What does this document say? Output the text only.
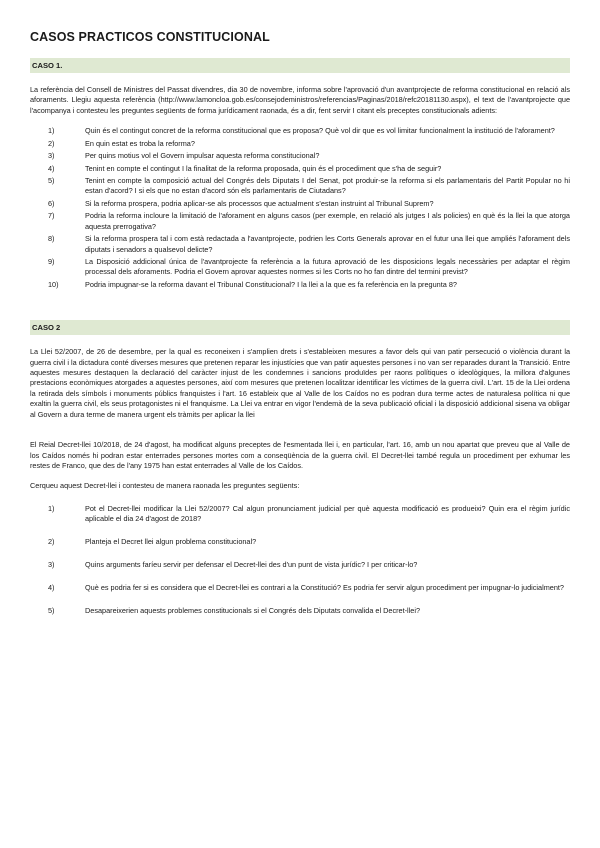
CASOS PRACTICOS CONSTITUCIONAL
CASO 1.

La referència del Consell de Ministres del Passat divendres, dia 30 de novembre, informa sobre l'aprovació d'un avantprojecte de reforma constitucional en relació als aforaments. Llegiu aquesta referència (http://www.lamoncloa.gob.es/consejodeministros/referencias/Paginas/2018/refc20181130.aspx), el text de l'avantprojecte que l'acompanya i contesteu les preguntes següents de forma jurídicament raonada, és a dir, fent servir I citant els preceptes constitucionals adients:

1)	Quin és el contingut concret de la reforma constitucional que es proposa? Què vol dir que es vol limitar funcionalment la institució de l'aforament?
2)	En quin estat es troba la reforma?
3)	Per quins motius vol el Govern impulsar aquesta reforma constitucional?
4)	Tenint en compte el contingut I la finalitat de la reforma proposada, quin és el procediment que s'ha de seguir?
5)	Tenint en compte la composició actual del Congrés dels Diputats I del Senat, pot produir-se la reforma si els parlamentaris del Partit Popular no hi estan d'acord? I si els que no estan d'acord són els parlamentaris de Ciutadans?
6)	Si la reforma prospera, podria aplicar-se als processos que actualment s'estan instruint al Tribunal Suprem?
7)	Podria la reforma incloure la limitació de l'aforament en alguns casos (per exemple, en relació als jutges I als policies) en què és la llei la que atorga aquesta prerrogativa?
8)	Si la reforma prospera tal i com està redactada a l'avantprojecte, podrien les Corts Generals aprovar en el futur una llei que ampliés l'aforament dels diputats i senadors a qualsevol delicte?
9)	La Disposició addicional única de l'avantprojecte fa referència a la futura aprovació de les disposicions legals necessàries per adaptar el règim processal dels aforaments. Podria el Govern aprovar aquestes normes si les Corts no ho fan dintre del termini previst?
10)	Podria impugnar-se la reforma davant el Tribunal Constitucional? I la llei a la que es fa referència en la pregunta 8?
CASO 2

La Llei 52/2007, de 26 de desembre, per la qual es reconeixen i s'amplien drets i s'estableixen mesures a favor dels qui van patir persecució o violència durant la guerra civil i la dictadura conté diverses mesures que pretenen reparar les injustícies que van patir aquestes persones i no van ser reparades durant la Transició. Entre aquestes mesures destaquen la declaració del caràcter injust de les condemnes i sancions produïdes per raons polítiques o ideològiques, la millora d'algunes prestacions econòmiques atorgades a aquestes persones, així com mesures que pretenen localitzar identificar les víctimes de la guerra civil. L'art. 15 de la Llei ordena la retirada dels símbols i monuments públics franquistes i l'art. 16 estableix que al Valle de los Caídos no es podran dura terme actes de naturalesa política ni que exaltin la guerra civil, els seus protagonistes ni el franquisme. La Llei va entrar en vigor l'endemà de la seva publicació oficial i la disposició addicional sisena va obligar al Govern a dura terme de manera urgent els tràmits per aplicar la llei

El Reial Decret-llei 10/2018, de 24 d'agost, ha modificat alguns preceptes de l'esmentada llei i, en particular, l'art. 16, amb un nou apartat que preveu que al Valle de los Caídos només hi podran estar enterrades persones mortes com a conseqüència de la guerra civil. El Decret-llei també regula un procediment per exhumar les restes de Franco, que des de l'any 1975 han estat enterrades al Valle de los Caídos.

Cerqueu aquest Decret-llei i contesteu de manera raonada les preguntes següents:

1)	Pot el Decret-llei modificar la Llei 52/2007? Cal algun pronunciament judicial per què aquesta modificació es produeixi? Quin era el règim jurídic aplicable el dia 24 d'agost de 2018?
2)	Planteja el Decret llei algun problema constitucional?
3)	Quins arguments faríeu servir per defensar el Decret-llei des d'un punt de vista jurídic? I per criticar-lo?
4)	Què es podria fer si es considera que el Decret-llei es contrari a la Constitució? Es podria fer servir algun procediment per impugnar-lo judicialment?
5)	Desapareixerien aquests problemes constitucionals si el Congrés dels Diputats convalida el Decret-llei?
